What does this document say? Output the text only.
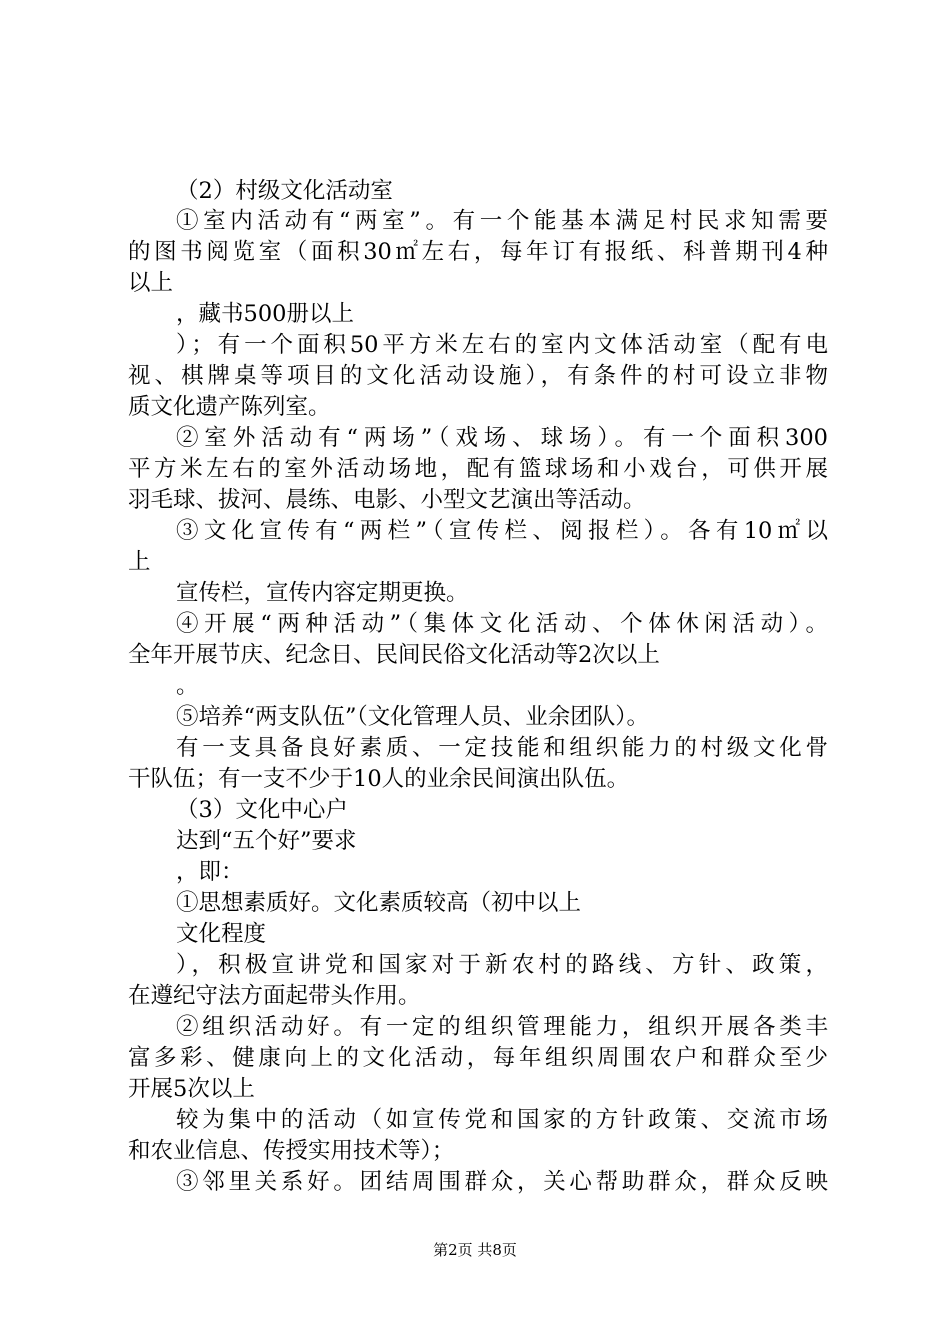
（2）村级文化活动室
①室内活动有“两室”。有一个能基本满足村民求知需要
的图书阅览室（面积30㎡左右，每年订有报纸、科普期刊4种
以上
，藏书500册以上
）；有一个面积50平方米左右的室内文体活动室（配有电
视、棋牌桌等项目的文化活动设施），有条件的村可设立非物
质文化遗产陈列室。
②室外活动有“两场”（戏场、球场）。有一个面积300
平方米左右的室外活动场地，配有篮球场和小戏台，可供开展
羽毛球、拔河、晨练、电影、小型文艺演出等活动。
③文化宣传有“两栏”（宣传栏、阅报栏）。各有10㎡以
上
宣传栏，宣传内容定期更换。
④开展“两种活动”（集体文化活动、个体休闲活动）。
全年开展节庆、纪念日、民间民俗文化活动等2次以上
。
⑤培养“两支队伍”（文化管理人员、业余团队）。
有一支具备良好素质、一定技能和组织能力的村级文化骨
干队伍；有一支不少于10人的业余民间演出队伍。
（3）文化中心户
达到“五个好”要求
，即：
①思想素质好。文化素质较高（初中以上
文化程度
），积极宣讲党和国家对于新农村的路线、方针、政策，
在遵纪守法方面起带头作用。
②组织活动好。有一定的组织管理能力，组织开展各类丰
富多彩、健康向上的文化活动，每年组织周围农户和群众至少
开展5次以上
较为集中的活动（如宣传党和国家的方针政策、交流市场
和农业信息、传授实用技术等）；
③邻里关系好。团结周围群众，关心帮助群众，群众反映
第2页 共8页
